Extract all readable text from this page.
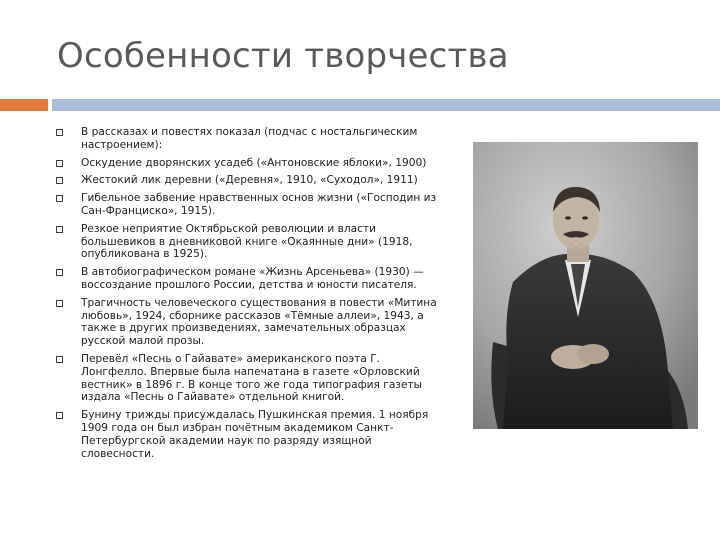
Особенности творчества
В рассказах и повестях показал (подчас с ностальгическим
настроением):
Оскудение дворянских усадеб («Антоновские яблоки», 1900)
Жестокий лик деревни («Деревня», 1910, «Суходол», 1911)
Гибельное забвение нравственных основ жизни («Господин из
Сан-Франциско», 1915).
Резкое неприятие Октябрьской революции и власти
большевиков в дневниковой книге «Окаянные дни» (1918,
опубликована в 1925).
В автобиографическом романе «Жизнь Арсеньева» (1930) —
воссоздание прошлого России, детства и юности писателя.
Трагичность человеческого существования в повести «Митина
любовь», 1924, сборнике рассказов «Тёмные аллеи», 1943, а
также в других произведениях, замечательных образцах
русской малой прозы.
Перевёл «Песнь о Гайавате» американского поэта Г.
Лонгфелло. Впервые была напечатана в газете «Орловский
вестник» в 1896 г. В конце того же года типография газеты
издала «Песнь о Гайавате» отдельной книгой.
Бунину трижды присуждалась Пушкинская премия. 1 ноября
1909 года он был избран почётным академиком Санкт-
Петербургской академии наук по разряду изящной
словесности.
